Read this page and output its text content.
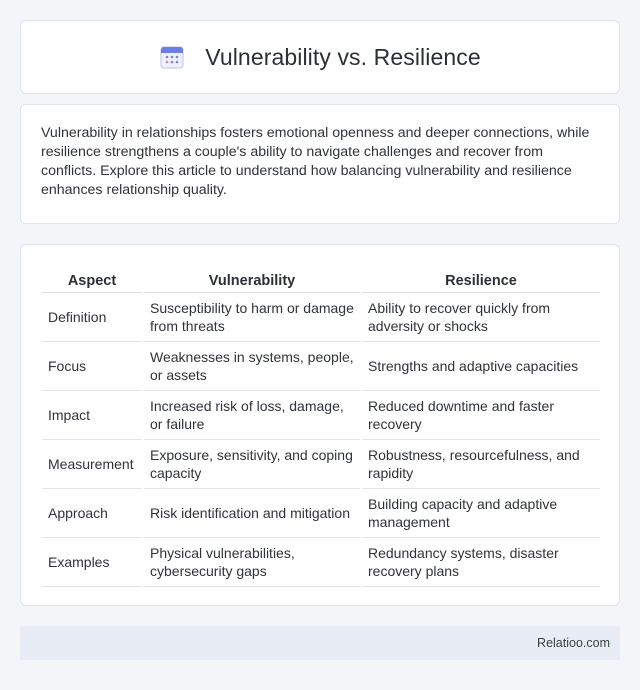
Vulnerability vs. Resilience

Vulnerability in relationships fosters emotional openness and deeper connections, while resilience strengthens a couple's ability to navigate challenges and recover from conflicts. Explore this article to understand how balancing vulnerability and resilience enhances relationship quality.

Aspect	Vulnerability	Resilience
Definition	Susceptibility to harm or damage from threats	Ability to recover quickly from adversity or shocks
Focus	Weaknesses in systems, people, or assets	Strengths and adaptive capacities
Impact	Increased risk of loss, damage, or failure	Reduced downtime and faster recovery
Measurement	Exposure, sensitivity, and coping capacity	Robustness, resourcefulness, and rapidity
Approach	Risk identification and mitigation	Building capacity and adaptive management
Examples	Physical vulnerabilities, cybersecurity gaps	Redundancy systems, disaster recovery plans
Relatioo.com
